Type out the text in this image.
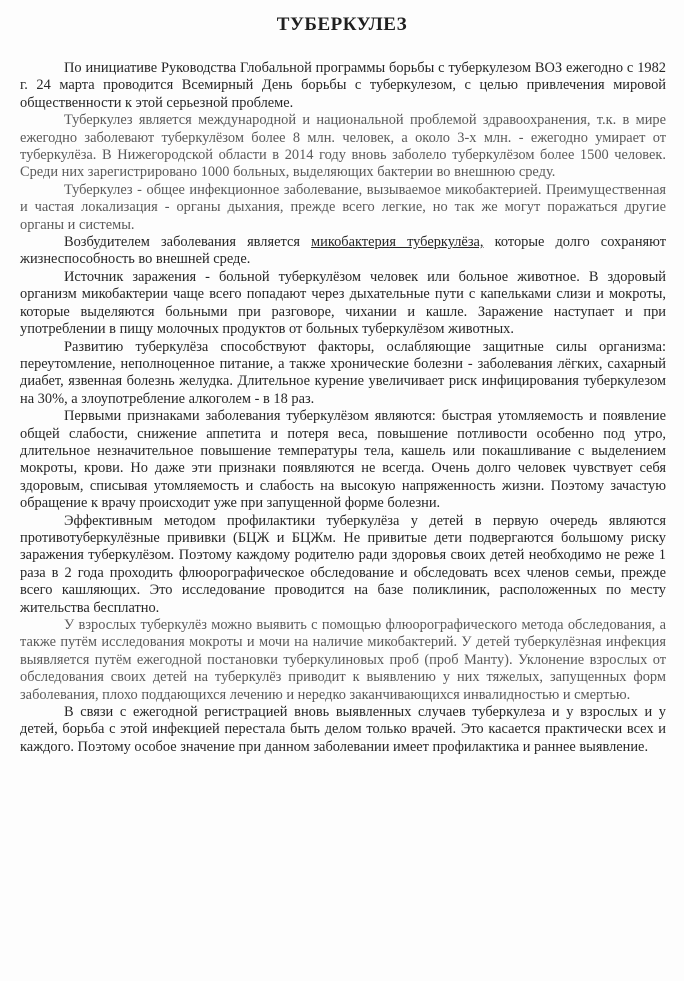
ТУБЕРКУЛЕЗ

По инициативе Руководства Глобальной программы борьбы с туберкулезом ВОЗ ежегодно с 1982 г. 24 марта проводится Всемирный День борьбы с туберкулезом, с целью привлечения мировой общественности к этой серьезной проблеме.

Туберкулез является международной и национальной проблемой здравоохранения, т.к. в мире ежегодно заболевают туберкулёзом более 8 млн. человек, а около 3-х млн. - ежегодно умирает от туберкулёза. В Нижегородской области в 2014 году вновь заболело туберкулёзом более 1500 человек. Среди них зарегистрировано 1000 больных, выделяющих бактерии во внешнюю среду.

Туберкулез - общее инфекционное заболевание, вызываемое микобактерией. Преимущественная и частая локализация - органы дыхания, прежде всего легкие, но так же могут поражаться другие органы и системы.

Возбудителем заболевания является микобактерия туберкулёза, которые долго сохраняют жизнеспособность во внешней среде.

Источник заражения - больной туберкулёзом человек или больное животное. В здоровый организм микобактерии чаще всего попадают через дыхательные пути с капельками слизи и мокроты, которые выделяются больными при разговоре, чихании и кашле. Заражение наступает и при употреблении в пищу молочных продуктов от больных туберкулёзом животных.

Развитию туберкулёза способствуют факторы, ослабляющие защитные силы организма: переутомление, неполноценное питание, а также хронические болезни - заболевания лёгких, сахарный диабет, язвенная болезнь желудка. Длительное курение увеличивает риск инфицирования туберкулезом на 30%, а злоупотребление алкоголем - в 18 раз.

Первыми признаками заболевания туберкулёзом являются: быстрая утомляемость и появление общей слабости, снижение аппетита и потеря веса, повышение потливости особенно под утро, длительное незначительное повышение температуры тела, кашель или покашливание с выделением мокроты, крови. Но даже эти признаки появляются не всегда. Очень долго человек чувствует себя здоровым, списывая утомляемость и слабость на высокую напряженность жизни. Поэтому зачастую обращение к врачу происходит уже при запущенной форме болезни.

Эффективным методом профилактики туберкулёза у детей в первую очередь являются противотуберкулёзные прививки (БЦЖ и БЦЖм. Не привитые дети подвергаются большому риску заражения туберкулёзом. Поэтому каждому родителю ради здоровья своих детей необходимо не реже 1 раза в 2 года проходить флюорографическое обследование и обследовать всех членов семьи, прежде всего кашляющих. Это исследование проводится на базе поликлиник, расположенных по месту жительства бесплатно.

У взрослых туберкулёз можно выявить с помощью флюорографического метода обследования, а также путём исследования мокроты и мочи на наличие микобактерий. У детей туберкулёзная инфекция выявляется путём ежегодной постановки туберкулиновых проб (проб Манту). Уклонение взрослых от обследования своих детей на туберкулёз приводит к выявлению у них тяжелых, запущенных форм заболевания, плохо поддающихся лечению и нередко заканчивающихся инвалидностью и смертью.

В связи с ежегодной регистрацией вновь выявленных случаев туберкулеза и у взрослых и у детей, борьба с этой инфекцией перестала быть делом только врачей. Это касается практически всех и каждого. Поэтому особое значение при данном заболевании имеет профилактика и раннее выявление.
